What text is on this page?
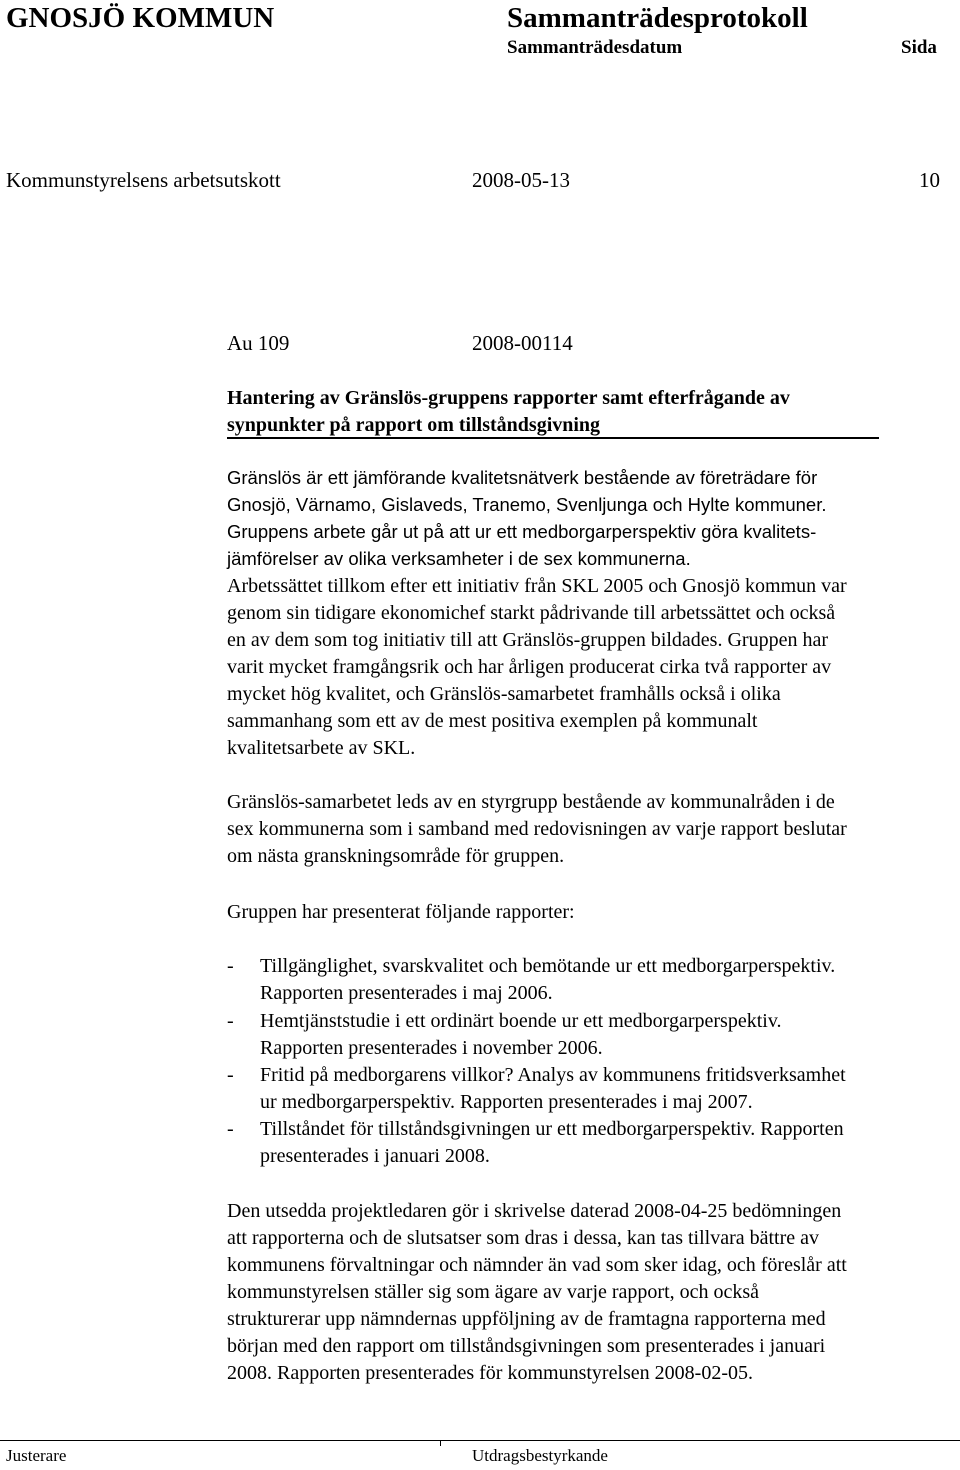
GNOSJÖ KOMMUN	Sammanträdesprotokoll
Sammanträdesdatum	Sida
Kommunstyrelsens arbetsutskott	2008-05-13	10
Au 109	2008-00114
Hantering av Gränslös-gruppens rapporter samt efterfrågande av
synpunkter på rapport om tillståndsgivning
Gränslös är ett jämförande kvalitetsnätverk bestående av företrädare för
Gnosjö, Värnamo, Gislaveds, Tranemo, Svenljunga och Hylte kommuner.
Gruppens arbete går ut på att ur ett medborgarperspektiv göra kvalitets-
jämförelser av olika verksamheter i de sex kommunerna.
Arbetssättet tillkom efter ett initiativ från SKL 2005 och Gnosjö kommun var
genom sin tidigare ekonomichef starkt pådrivande till arbetssättet och också
en av dem som tog initiativ till att Gränslös-gruppen bildades. Gruppen har
varit mycket framgångsrik och har årligen producerat cirka två rapporter av
mycket hög kvalitet, och Gränslös-samarbetet framhålls också i olika
sammanhang som ett av de mest positiva exemplen på kommunalt
kvalitetsarbete av SKL.
Gränslös-samarbetet leds av en styrgrupp bestående av kommunalråden i de
sex kommunerna som i samband med redovisningen av varje rapport beslutar
om nästa granskningsområde för gruppen.
Gruppen har presenterat följande rapporter:
- Tillgänglighet, svarskvalitet och bemötande ur ett medborgarperspektiv.
Rapporten presenterades i maj 2006.
- Hemtjänststudie i ett ordinärt boende ur ett medborgarperspektiv.
Rapporten presenterades i november 2006.
- Fritid på medborgarens villkor? Analys av kommunens fritidsverksamhet
ur medborgarperspektiv. Rapporten presenterades i maj 2007.
- Tillståndet för tillståndsgivningen ur ett medborgarperspektiv. Rapporten
presenterades i januari 2008.
Den utsedda projektledaren gör i skrivelse daterad 2008-04-25 bedömningen
att rapporterna och de slutsatser som dras i dessa, kan tas tillvara bättre av
kommunens förvaltningar och nämnder än vad som sker idag, och föreslår att
kommunstyrelsen ställer sig som ägare av varje rapport, och också
strukturerar upp nämndernas uppföljning av de framtagna rapporterna med
början med den rapport om tillståndsgivningen som presenterades i januari
2008. Rapporten presenterades för kommunstyrelsen 2008-02-05.
Justerare	Utdragsbestyrkande
